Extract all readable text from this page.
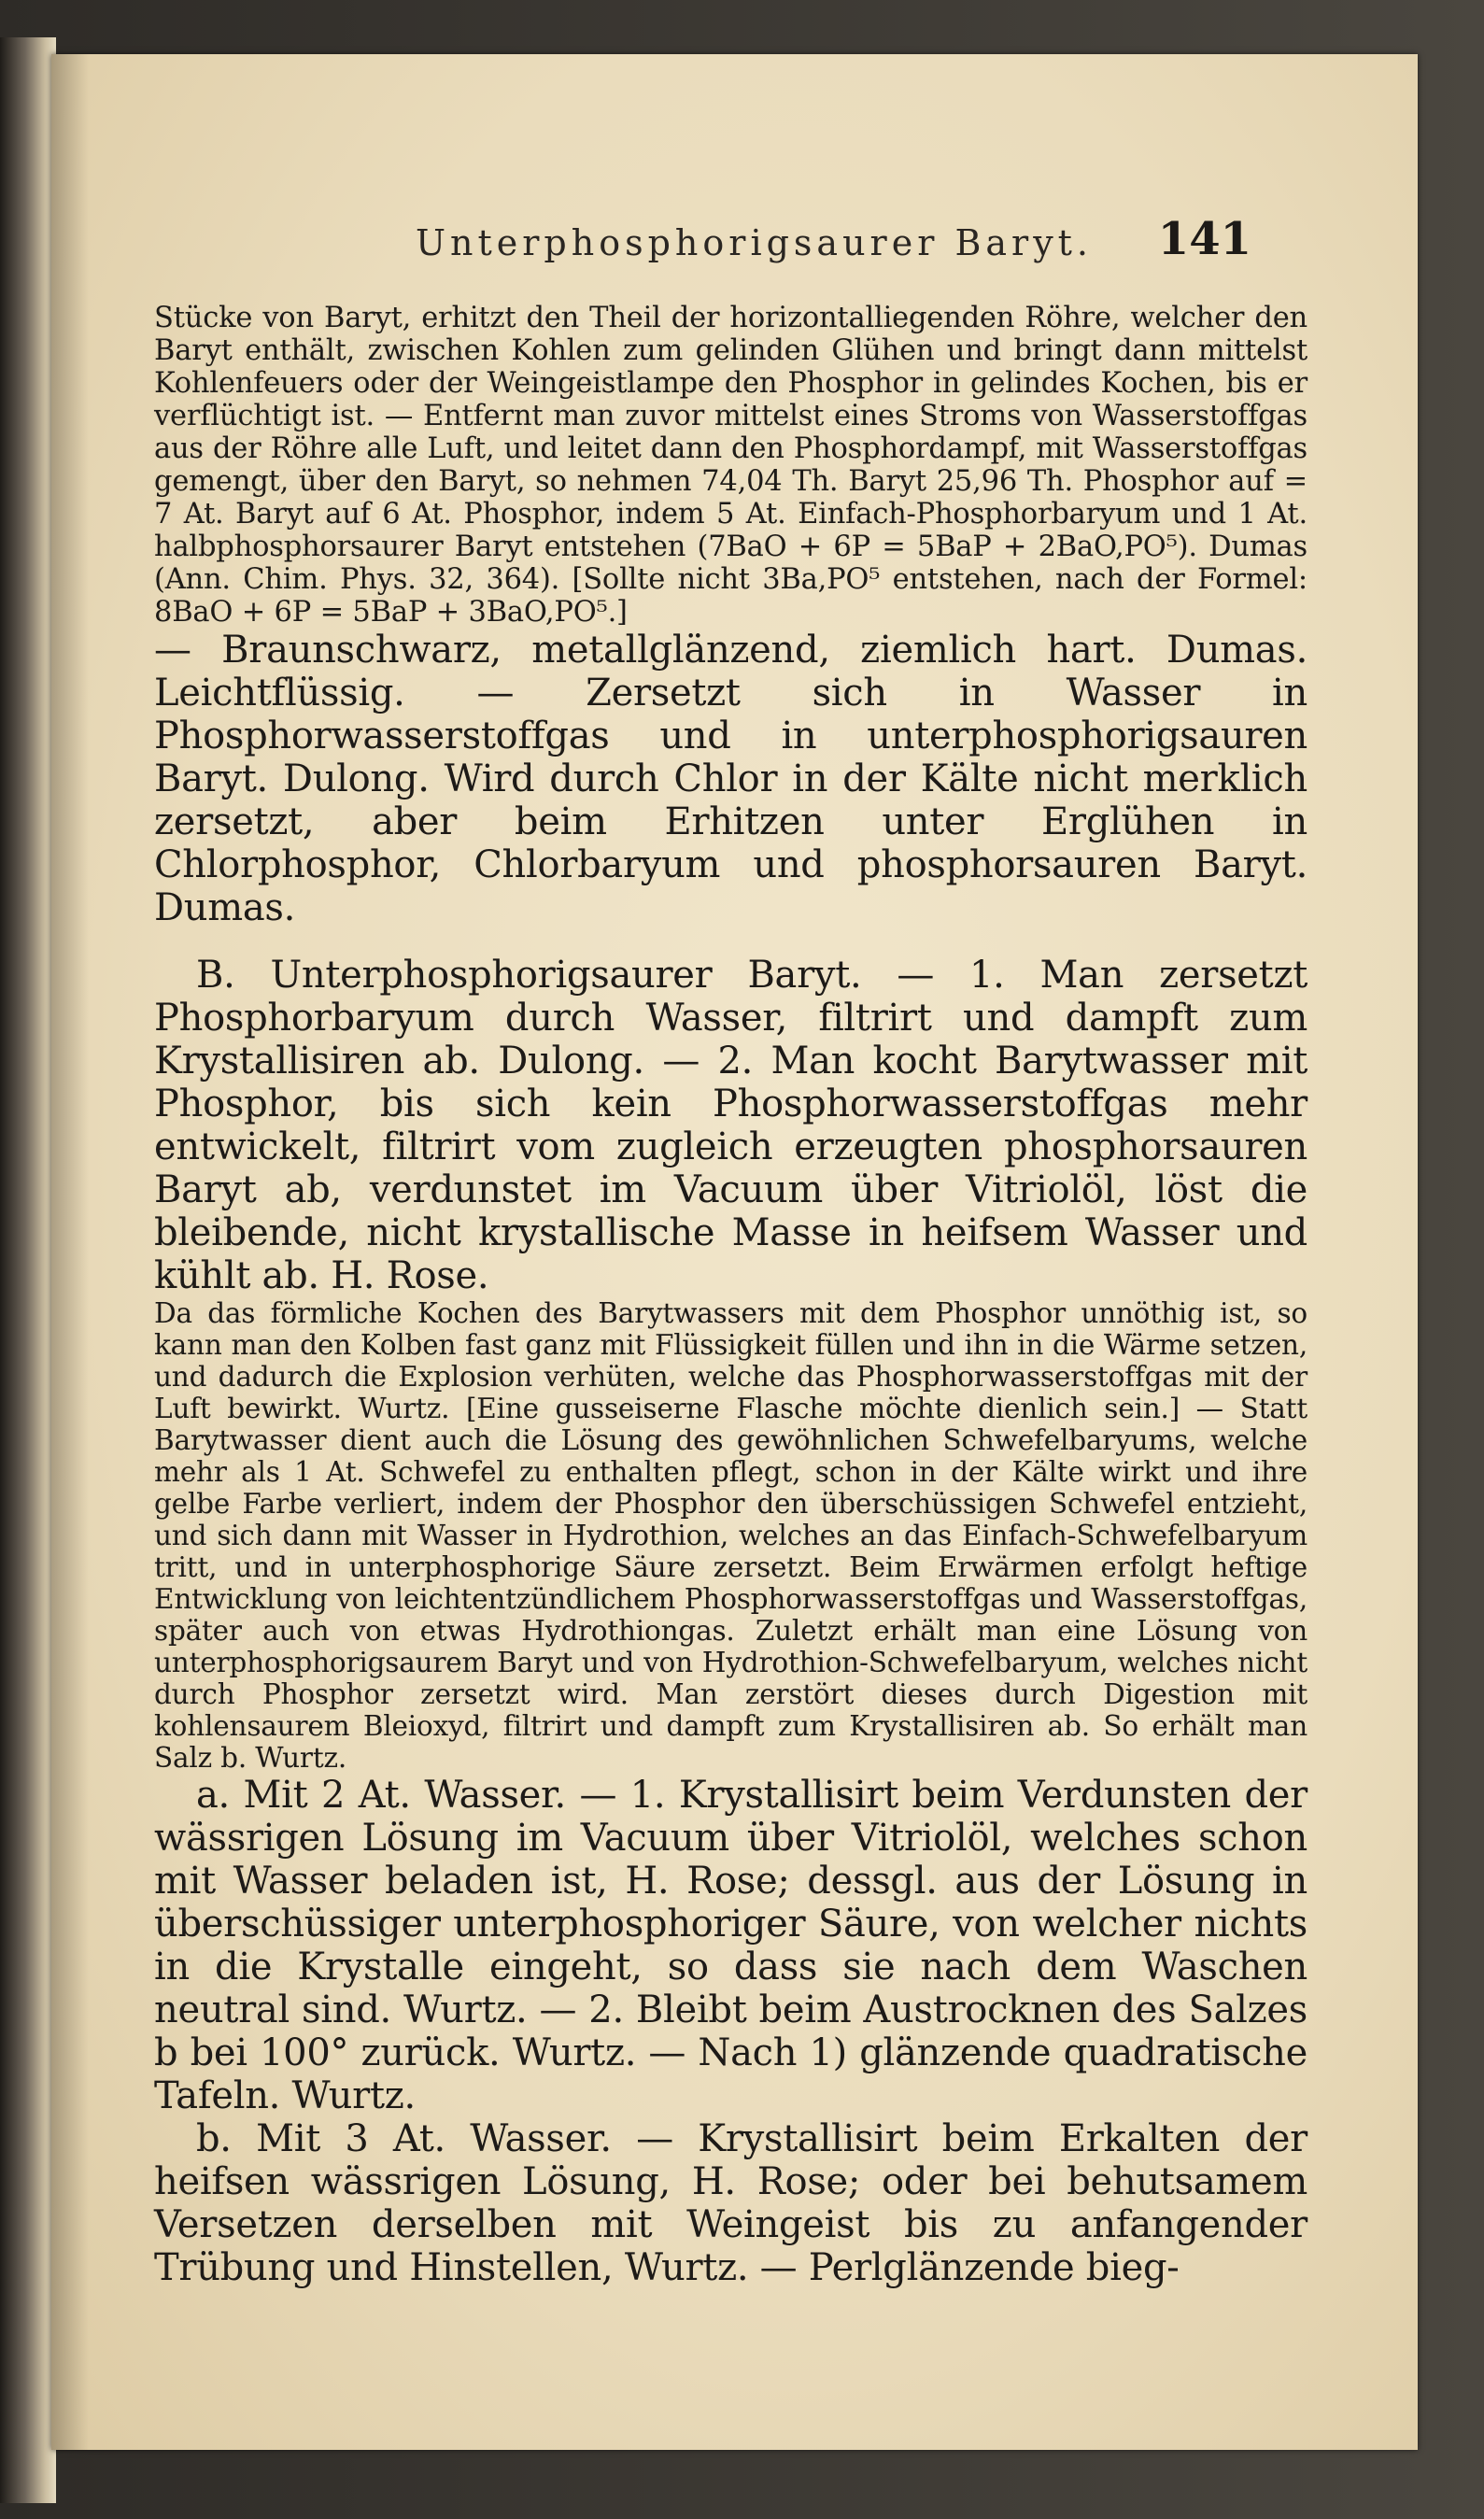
Unterphosphorigsaurer Baryt. 141

Stücke von Baryt, erhitzt den Theil der horizontalliegenden Röhre, welcher den Baryt enthält, zwischen Kohlen zum gelinden Glühen und bringt dann mittelst Kohlenfeuers oder der Weingeistlampe den Phosphor in gelindes Kochen, bis er verflüchtigt ist. — Entfernt man zuvor mittelst eines Stroms von Wasserstoffgas aus der Röhre alle Luft, und leitet dann den Phosphordampf, mit Wasserstoffgas gemengt, über den Baryt, so nehmen 74,04 Th. Baryt 25,96 Th. Phosphor auf = 7 At. Baryt auf 6 At. Phosphor, indem 5 At. Einfach-Phosphorbaryum und 1 At. halbphosphorsaurer Baryt entstehen (7BaO + 6P = 5BaP + 2BaO,PO⁵). Dumas (Ann. Chim. Phys. 32, 364). [Sollte nicht 3Ba,PO⁵ entstehen, nach der Formel: 8BaO + 6P = 5BaP + 3BaO,PO⁵.]

— Braunschwarz, metallglänzend, ziemlich hart. Dumas. Leichtflüssig. — Zersetzt sich in Wasser in Phosphorwasserstoffgas und in unterphosphorigsauren Baryt. Dulong. Wird durch Chlor in der Kälte nicht merklich zersetzt, aber beim Erhitzen unter Erglühen in Chlorphosphor, Chlorbaryum und phosphorsauren Baryt. Dumas.

B. Unterphosphorigsaurer Baryt. — 1. Man zersetzt Phosphorbaryum durch Wasser, filtrirt und dampft zum Krystallisiren ab. Dulong. — 2. Man kocht Barytwasser mit Phosphor, bis sich kein Phosphorwasserstoffgas mehr entwickelt, filtrirt vom zugleich erzeugten phosphorsauren Baryt ab, verdunstet im Vacuum über Vitriolöl, löst die bleibende, nicht krystallische Masse in heifsem Wasser und kühlt ab. H. Rose.

Da das förmliche Kochen des Barytwassers mit dem Phosphor unnöthig ist, so kann man den Kolben fast ganz mit Flüssigkeit füllen und ihn in die Wärme setzen, und dadurch die Explosion verhüten, welche das Phosphorwasserstoffgas mit der Luft bewirkt. Wurtz. [Eine gusseiserne Flasche möchte dienlich sein.] — Statt Barytwasser dient auch die Lösung des gewöhnlichen Schwefelbaryums, welche mehr als 1 At. Schwefel zu enthalten pflegt, schon in der Kälte wirkt und ihre gelbe Farbe verliert, indem der Phosphor den überschüssigen Schwefel entzieht, und sich dann mit Wasser in Hydrothion, welches an das Einfach-Schwefelbaryum tritt, und in unterphosphorige Säure zersetzt. Beim Erwärmen erfolgt heftige Entwicklung von leichtentzündlichem Phosphorwasserstoffgas und Wasserstoffgas, später auch von etwas Hydrothiongas. Zuletzt erhält man eine Lösung von unterphosphorigsaurem Baryt und von Hydrothion-Schwefelbaryum, welches nicht durch Phosphor zersetzt wird. Man zerstört dieses durch Digestion mit kohlensaurem Bleioxyd, filtrirt und dampft zum Krystallisiren ab. So erhält man Salz b. Wurtz.

a. Mit 2 At. Wasser. — 1. Krystallisirt beim Verdunsten der wässrigen Lösung im Vacuum über Vitriolöl, welches schon mit Wasser beladen ist, H. Rose; dessgl. aus der Lösung in überschüssiger unterphosphoriger Säure, von welcher nichts in die Krystalle eingeht, so dass sie nach dem Waschen neutral sind. Wurtz. — 2. Bleibt beim Austrocknen des Salzes b bei 100° zurück. Wurtz. — Nach 1) glänzende quadratische Tafeln. Wurtz.

b. Mit 3 At. Wasser. — Krystallisirt beim Erkalten der heifsen wässrigen Lösung, H. Rose; oder bei behutsamem Versetzen derselben mit Weingeist bis zu anfangender Trübung und Hinstellen, Wurtz. — Perlglänzende bieg-
